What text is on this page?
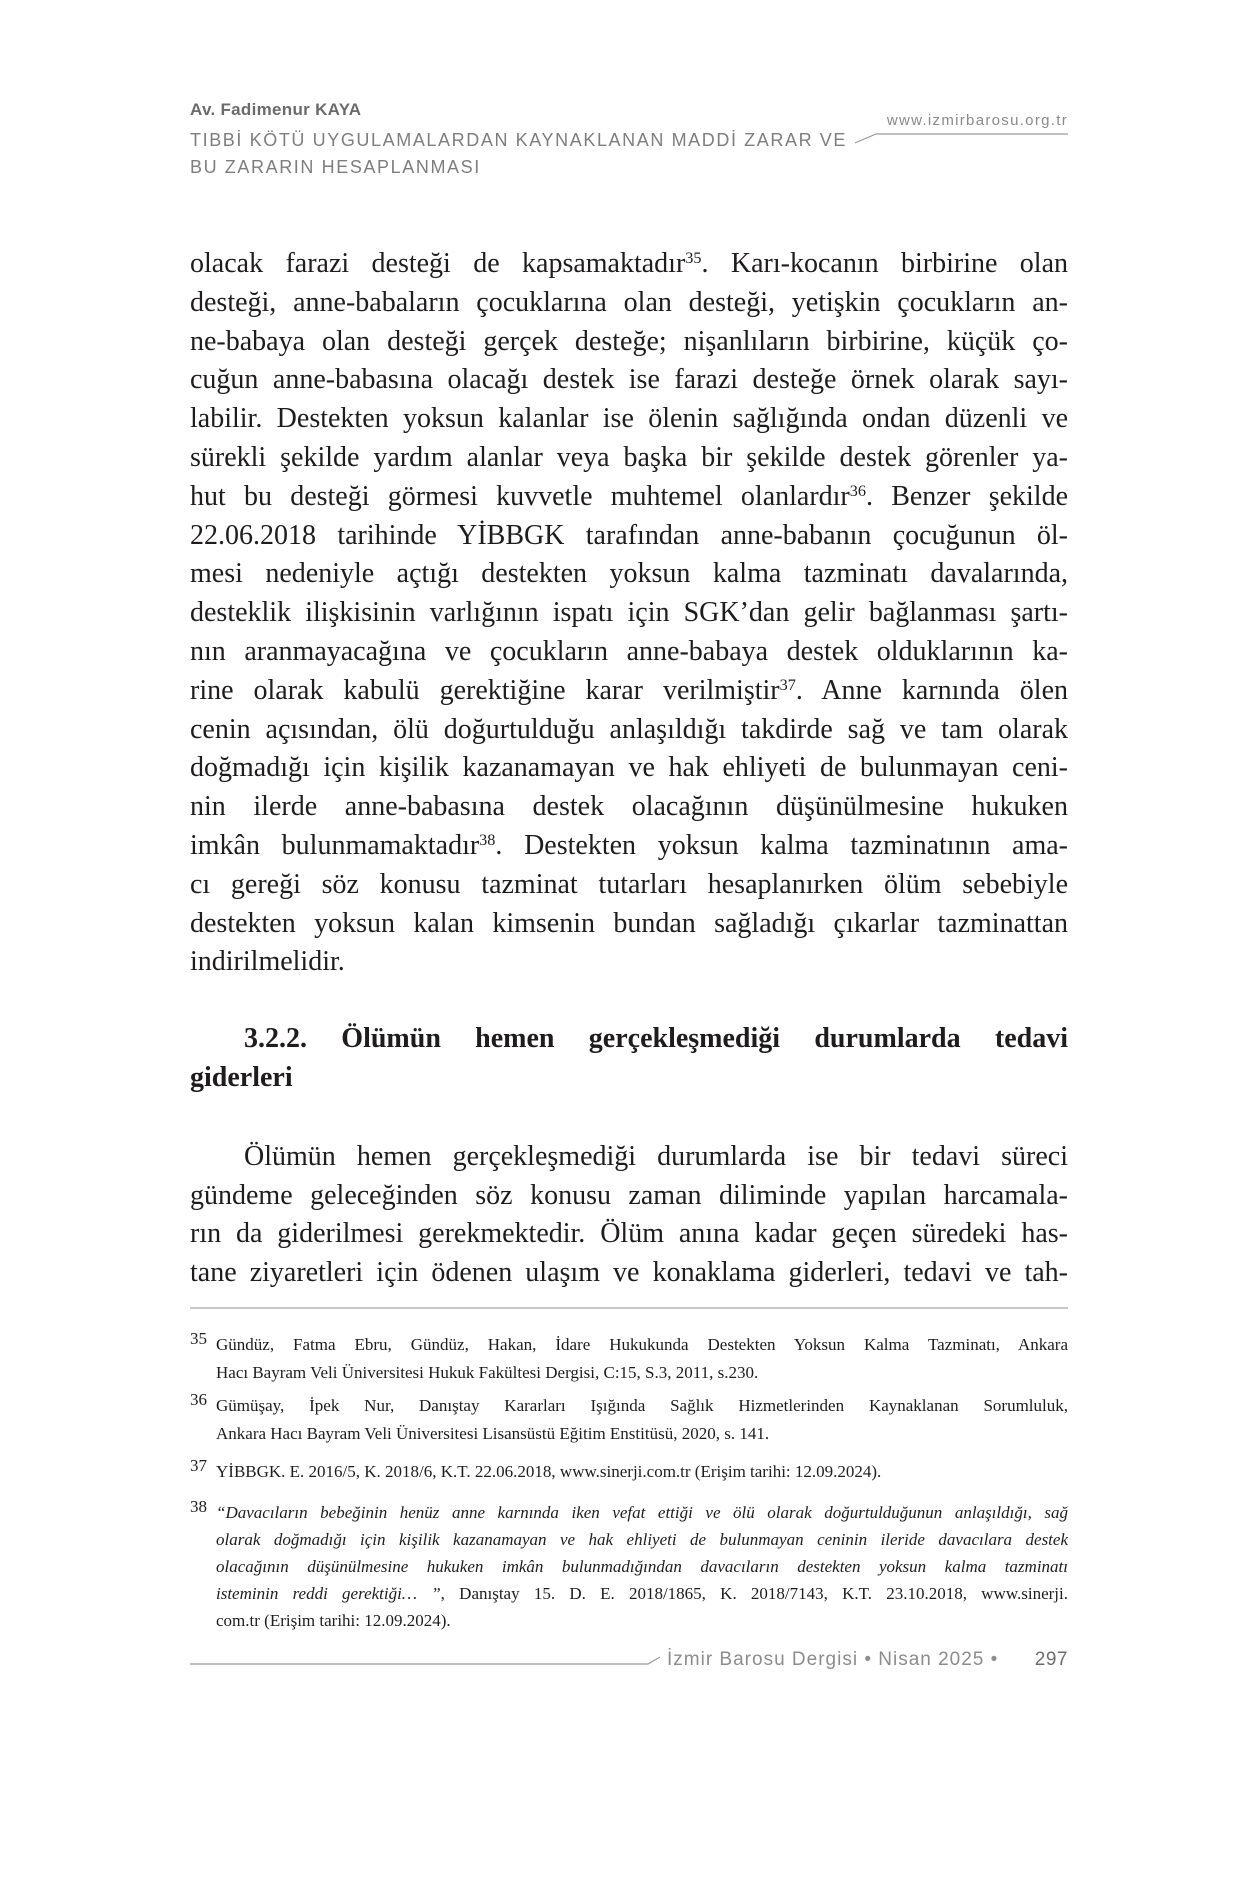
Av. Fadimenur KAYA
TIBBİ KÖTÜ UYGULAMALARDAN KAYNAKLANAN MADDİ ZARAR VE
BU ZARARIN HESAPLANMASI
www.izmirbarosu.org.tr
olacak farazi desteği de kapsamaktadır$^{35}$. Karı-kocanın birbirine olan
desteği, anne-babaların çocuklarına olan desteği, yetişkin çocukların an-
ne-babaya olan desteği gerçek desteğe; nişanlıların birbirine, küçük ço-
cuğun anne-babasına olacağı destek ise farazi desteğe örnek olarak sayı-
labilir. Destekten yoksun kalanlar ise ölenin sağlığında ondan düzenli ve
sürekli şekilde yardım alanlar veya başka bir şekilde destek görenler ya-
hut bu desteği görmesi kuvvetle muhtemel olanlardır$^{36}$. Benzer şekilde
22.06.2018 tarihinde YİBBGK tarafından anne-babanın çocuğunun öl-
mesi nedeniyle açtığı destekten yoksun kalma tazminatı davalarında,
desteklik ilişkisinin varlığının ispatı için SGK’dan gelir bağlanması şartı-
nın aranmayacağına ve çocukların anne-babaya destek olduklarının ka-
rine olarak kabulü gerektiğine karar verilmiştir$^{37}$. Anne karnında ölen
cenin açısından, ölü doğurtulduğu anlaşıldığı takdirde sağ ve tam olarak
doğmadığı için kişilik kazanamayan ve hak ehliyeti de bulunmayan ceni-
nin ilerde anne-babasına destek olacağının düşünülmesine hukuken
imkân bulunmamaktadır$^{38}$. Destekten yoksun kalma tazminatının ama-
cı gereği söz konusu tazminat tutarları hesaplanırken ölüm sebebiyle
destekten yoksun kalan kimsenin bundan sağladığı çıkarlar tazminattan
indirilmelidir.
3.2.2. Ölümün hemen gerçekleşmediği durumlarda tedavi
giderleri
Ölümün hemen gerçekleşmediği durumlarda ise bir tedavi süreci
gündeme geleceğinden söz konusu zaman diliminde yapılan harcamala-
rın da giderilmesi gerekmektedir. Ölüm anına kadar geçen süredeki has-
tane ziyaretleri için ödenen ulaşım ve konaklama giderleri, tedavi ve tah-
35 Gündüz, Fatma Ebru, Gündüz, Hakan, İdare Hukukunda Destekten Yoksun Kalma Tazminatı, Ankara
Hacı Bayram Veli Üniversitesi Hukuk Fakültesi Dergisi, C:15, S.3, 2011, s.230.
36 Gümüşay, İpek Nur, Danıştay Kararları Işığında Sağlık Hizmetlerinden Kaynaklanan Sorumluluk,
Ankara Hacı Bayram Veli Üniversitesi Lisansüstü Eğitim Enstitüsü, 2020, s. 141.
37 YİBBGK. E. 2016/5, K. 2018/6, K.T. 22.06.2018, www.sinerji.com.tr (Erişim tarihi: 12.09.2024).
38 “Davacıların bebeğinin henüz anne karnında iken vefat ettiği ve ölü olarak doğurtulduğunun anlaşıldığı, sağ
olarak doğmadığı için kişilik kazanamayan ve hak ehliyeti de bulunmayan ceninin ileride davacılara destek
olacağının düşünülmesine hukuken imkân bulunmadığından davacıların destekten yoksun kalma tazminatı
isteminin reddi gerektiği… ”, Danıştay 15. D. E. 2018/1865, K. 2018/7143, K.T. 23.10.2018, www.sinerji.
com.tr (Erişim tarihi: 12.09.2024).
İzmir Barosu Dergisi • Nisan 2025 • 297
